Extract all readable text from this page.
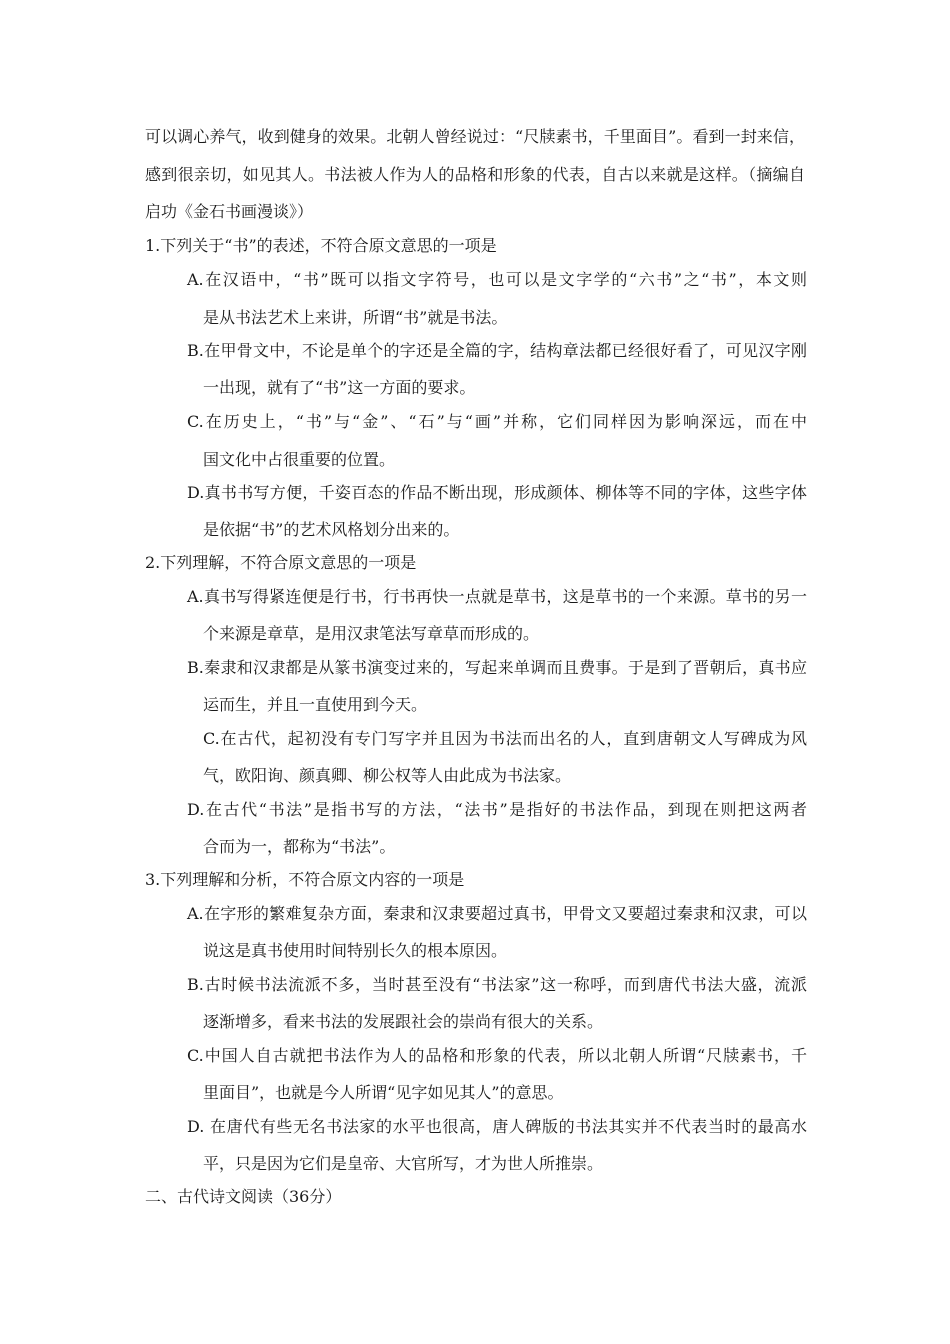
可以调心养气，收到健身的效果。北朝人曾经说过：“尺牍素书，千里面目”。看到一封来信，
感到很亲切，如见其人。书法被人作为人的品格和形象的代表，自古以来就是这样。（摘编自
启功《金石书画漫谈》）
1.下列关于“书”的表述，不符合原文意思的一项是
A.在汉语中，“书”既可以指文字符号，也可以是文字学的“六书”之“书”，本文则
是从书法艺术上来讲，所谓“书”就是书法。
B.在甲骨文中，不论是单个的字还是全篇的字，结构章法都已经很好看了，可见汉字刚
一出现，就有了“书”这一方面的要求。
C.在历史上，“书”与“金”、“石”与“画”并称，它们同样因为影响深远，而在中
国文化中占很重要的位置。
D.真书书写方便，千姿百态的作品不断出现，形成颜体、柳体等不同的字体，这些字体
是依据“书”的艺术风格划分出来的。
2.下列理解，不符合原文意思的一项是
A.真书写得紧连便是行书，行书再快一点就是草书，这是草书的一个来源。草书的另一
个来源是章草，是用汉隶笔法写章草而形成的。
B.秦隶和汉隶都是从篆书演变过来的，写起来单调而且费事。于是到了晋朝后，真书应
运而生，并且一直使用到今天。
C.在古代，起初没有专门写字并且因为书法而出名的人，直到唐朝文人写碑成为风
气，欧阳询、颜真卿、柳公权等人由此成为书法家。
D.在古代“书法”是指书写的方法，“法书”是指好的书法作品，到现在则把这两者
合而为一，都称为“书法”。
3.下列理解和分析，不符合原文内容的一项是
A.在字形的繁难复杂方面，秦隶和汉隶要超过真书，甲骨文又要超过秦隶和汉隶，可以
说这是真书使用时间特别长久的根本原因。
B.古时候书法流派不多，当时甚至没有“书法家”这一称呼，而到唐代书法大盛，流派
逐渐增多，看来书法的发展跟社会的崇尚有很大的关系。
C.中国人自古就把书法作为人的品格和形象的代表，所以北朝人所谓“尺牍素书，千
里面目”，也就是今人所谓“见字如见其人”的意思。
D. 在唐代有些无名书法家的水平也很高，唐人碑版的书法其实并不代表当时的最高水
平，只是因为它们是皇帝、大官所写，才为世人所推崇。
二、古代诗文阅读（36分）
